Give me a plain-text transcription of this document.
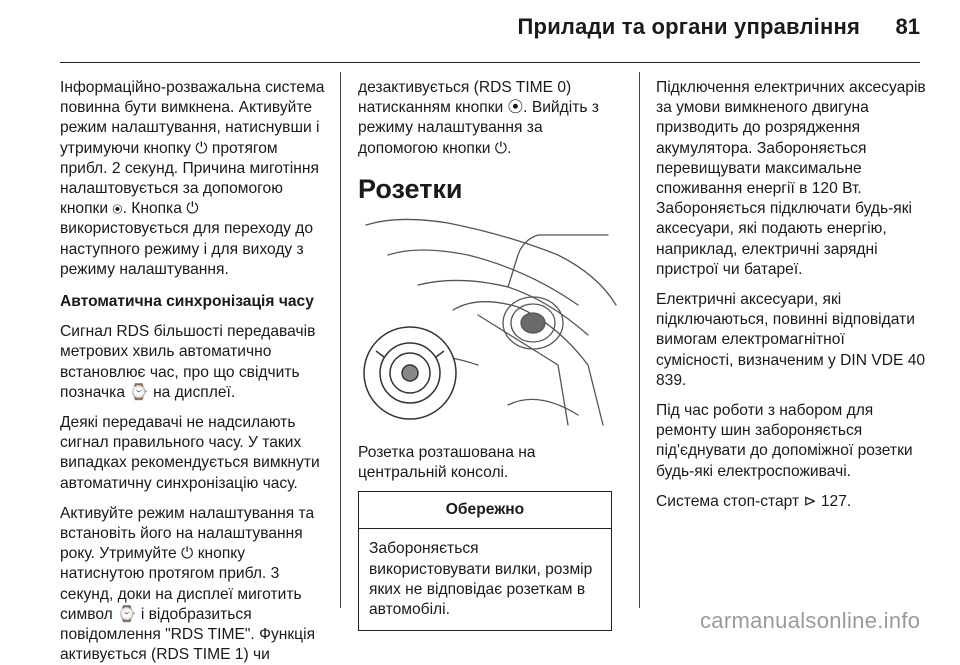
Прилади та органи управління 81

Інформаційно-розважальна система повинна бути вимкнена. Активуйте режим налаштування, натиснувши і утримуючи кнопку ⏻ протягом прибл. 2 секунд. Причина миготіння налаштовується за допомогою кнопки ⦿. Кнопка ⏻ використовується для переходу до наступного режиму і для виходу з режиму налаштування.

Автоматична синхронізація часу

Сигнал RDS більшості передавачів метрових хвиль автоматично встановлює час, про що свідчить позначка ⌚ на дисплеї.

Деякі передавачі не надсилають сигнал правильного часу. У таких випадках рекомендується вимкнути автоматичну синхронізацію часу.

Активуйте режим налаштування та встановіть його на налаштування року. Утримуйте ⏻ кнопку натиснутою протягом прибл. 3 секунд, доки на дисплеї миготить символ ⌚ і відобразиться повідомлення "RDS TIME". Функція активується (RDS TIME 1) чи

дезактивується (RDS TIME 0) натисканням кнопки ⦿. Вийдіть з режиму налаштування за допомогою кнопки ⏻.

Розетки

Розетка розташована на центральній консолі.

Обережно
Забороняється використовувати вилки, розмір яких не відповідає розеткам в автомобілі.

Підключення електричних аксесуарів за умови вимкненого двигуна призводить до розрядження акумулятора. Забороняється перевищувати максимальне споживання енергії в 120 Вт. Забороняється підключати будь-які аксесуари, які подають енергію, наприклад, електричні зарядні пристрої чи батареї.

Електричні аксесуари, які підключаються, повинні відповідати вимогам електромагнітної сумісності, визначеним у DIN VDE 40 839.

Під час роботи з набором для ремонту шин забороняється під'єднувати до допоміжної розетки будь-які електроспоживачі.

Система стоп-старт ⊳ 127.

carmanualsonline.info
